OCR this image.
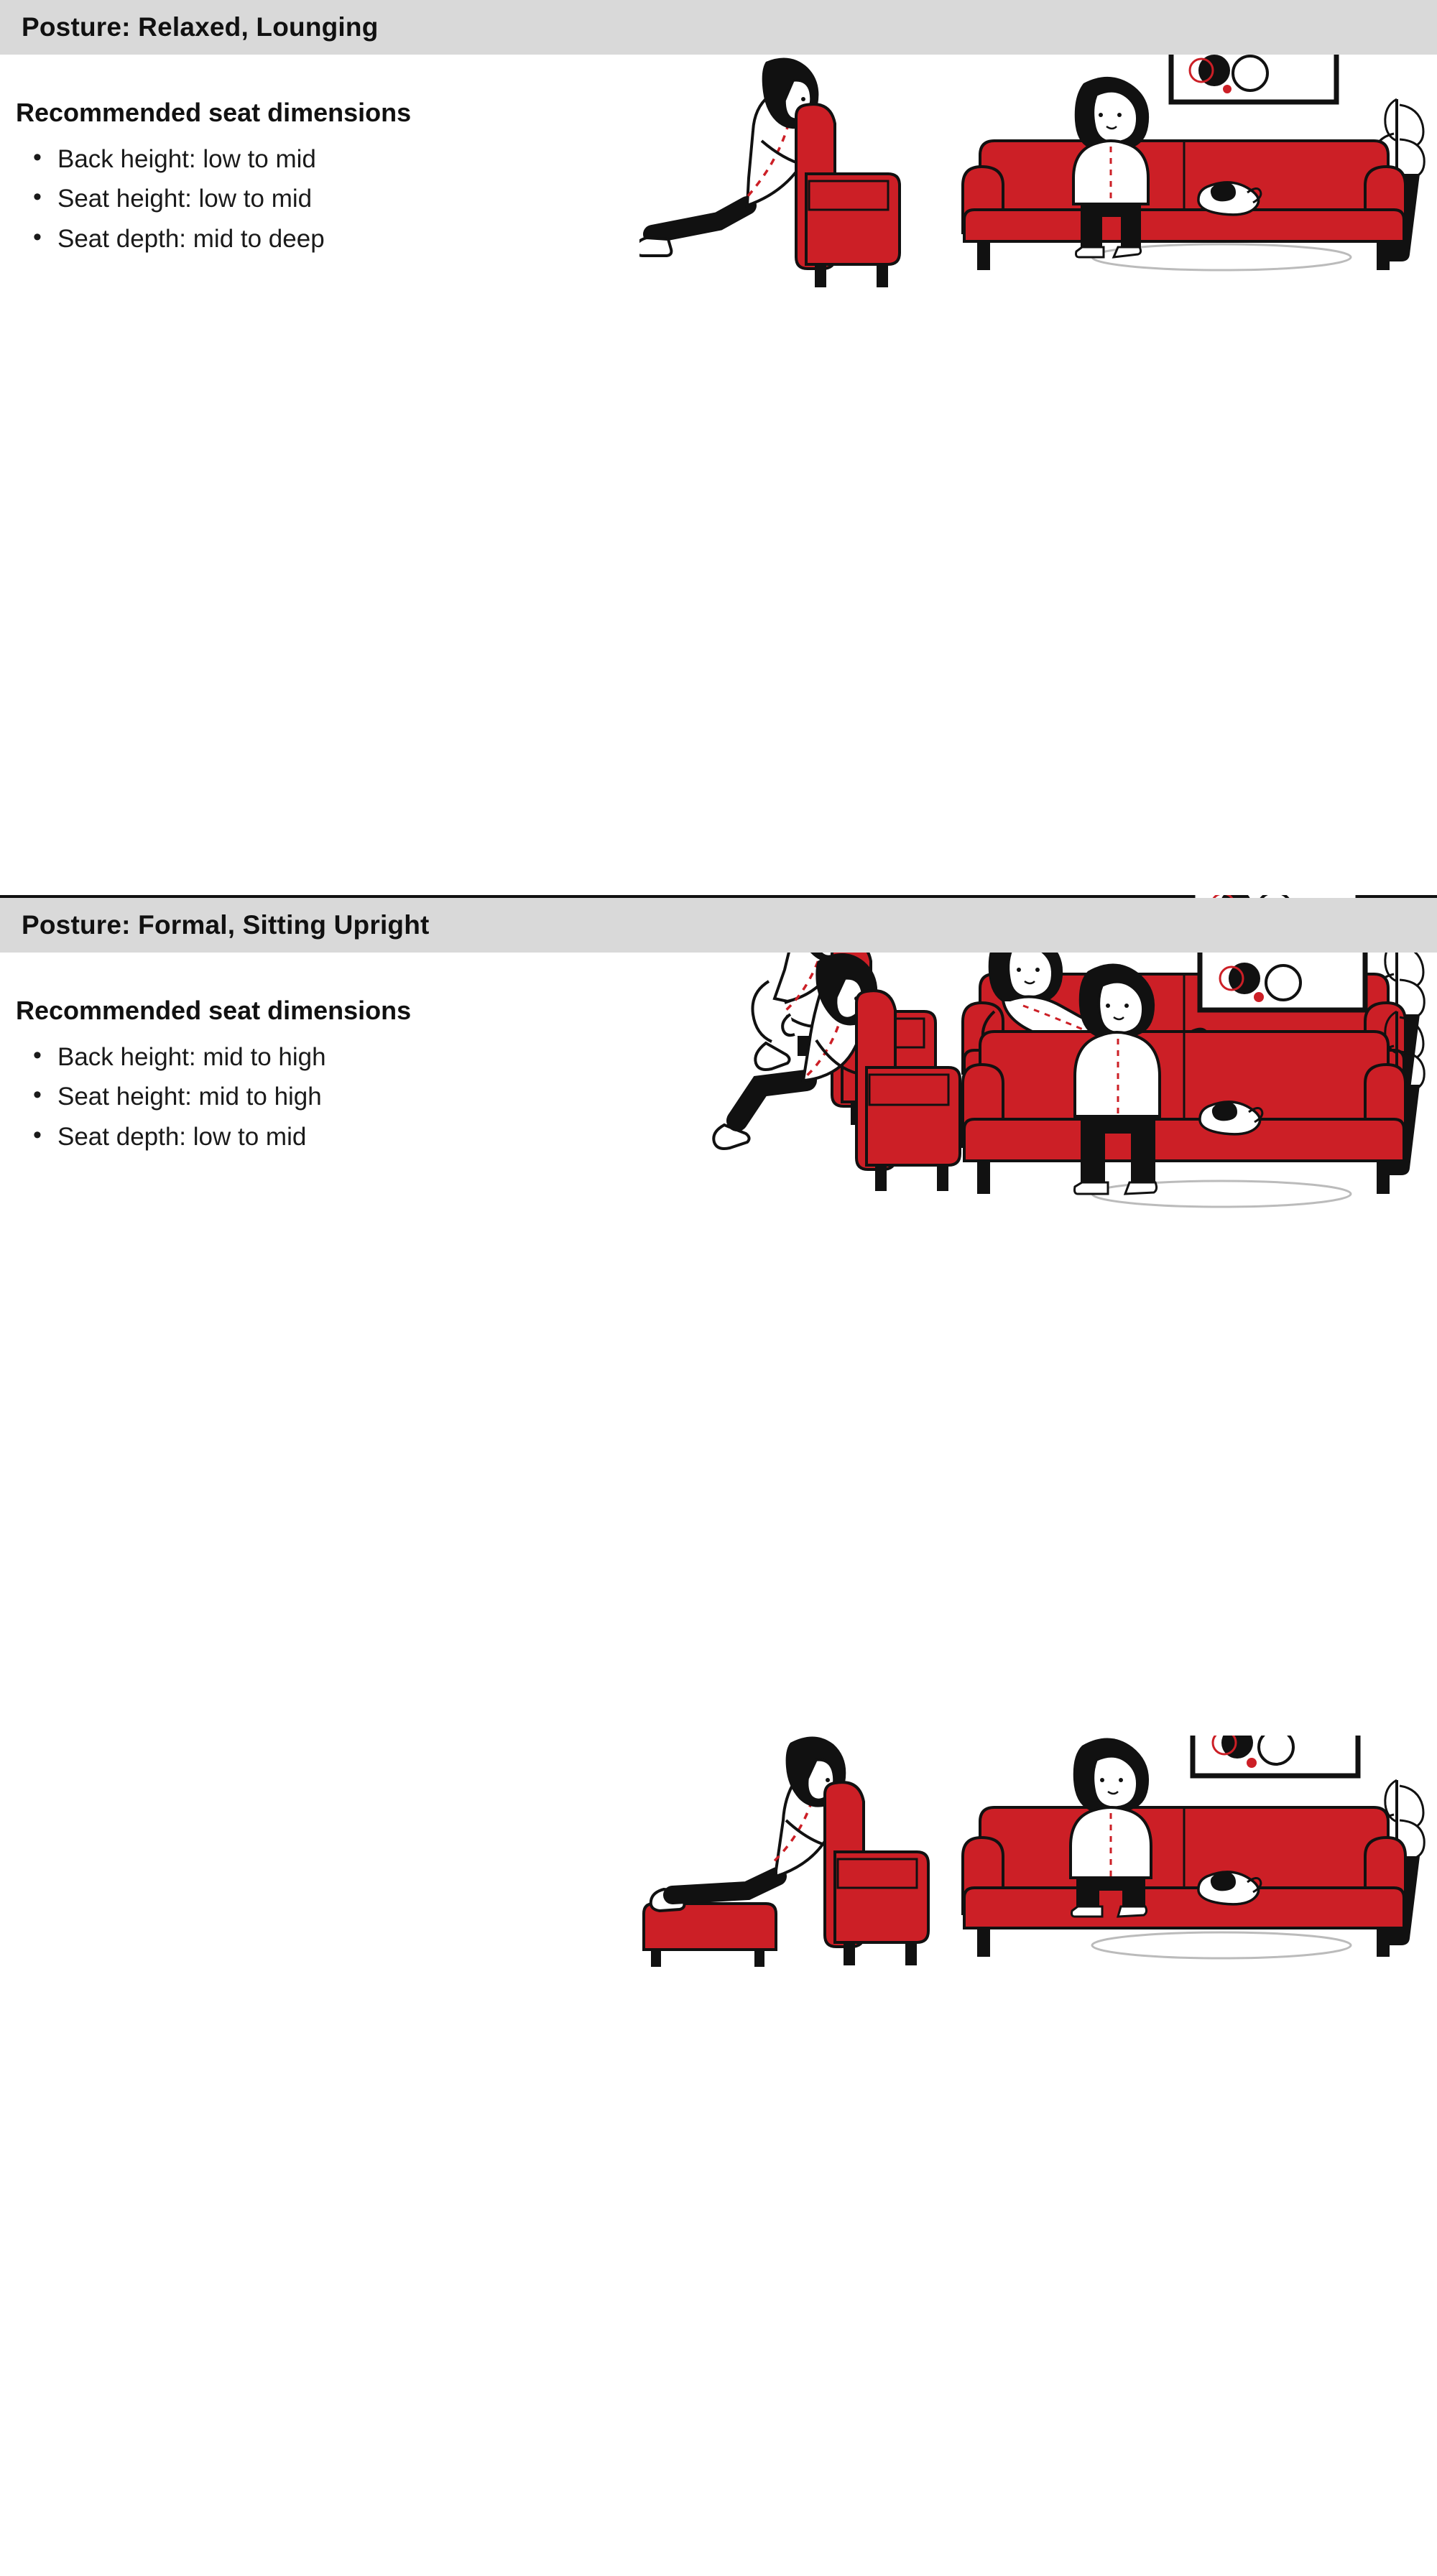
Posture: Relaxed, Lounging
Recommended seat dimensions
• Back height: low to mid
• Seat height: low to mid
• Seat depth: mid to deep
Posture: Formal, Sitting Upright
Recommended seat dimensions
• Back height: mid to high
• Seat height: mid to high
• Seat depth: low to mid
